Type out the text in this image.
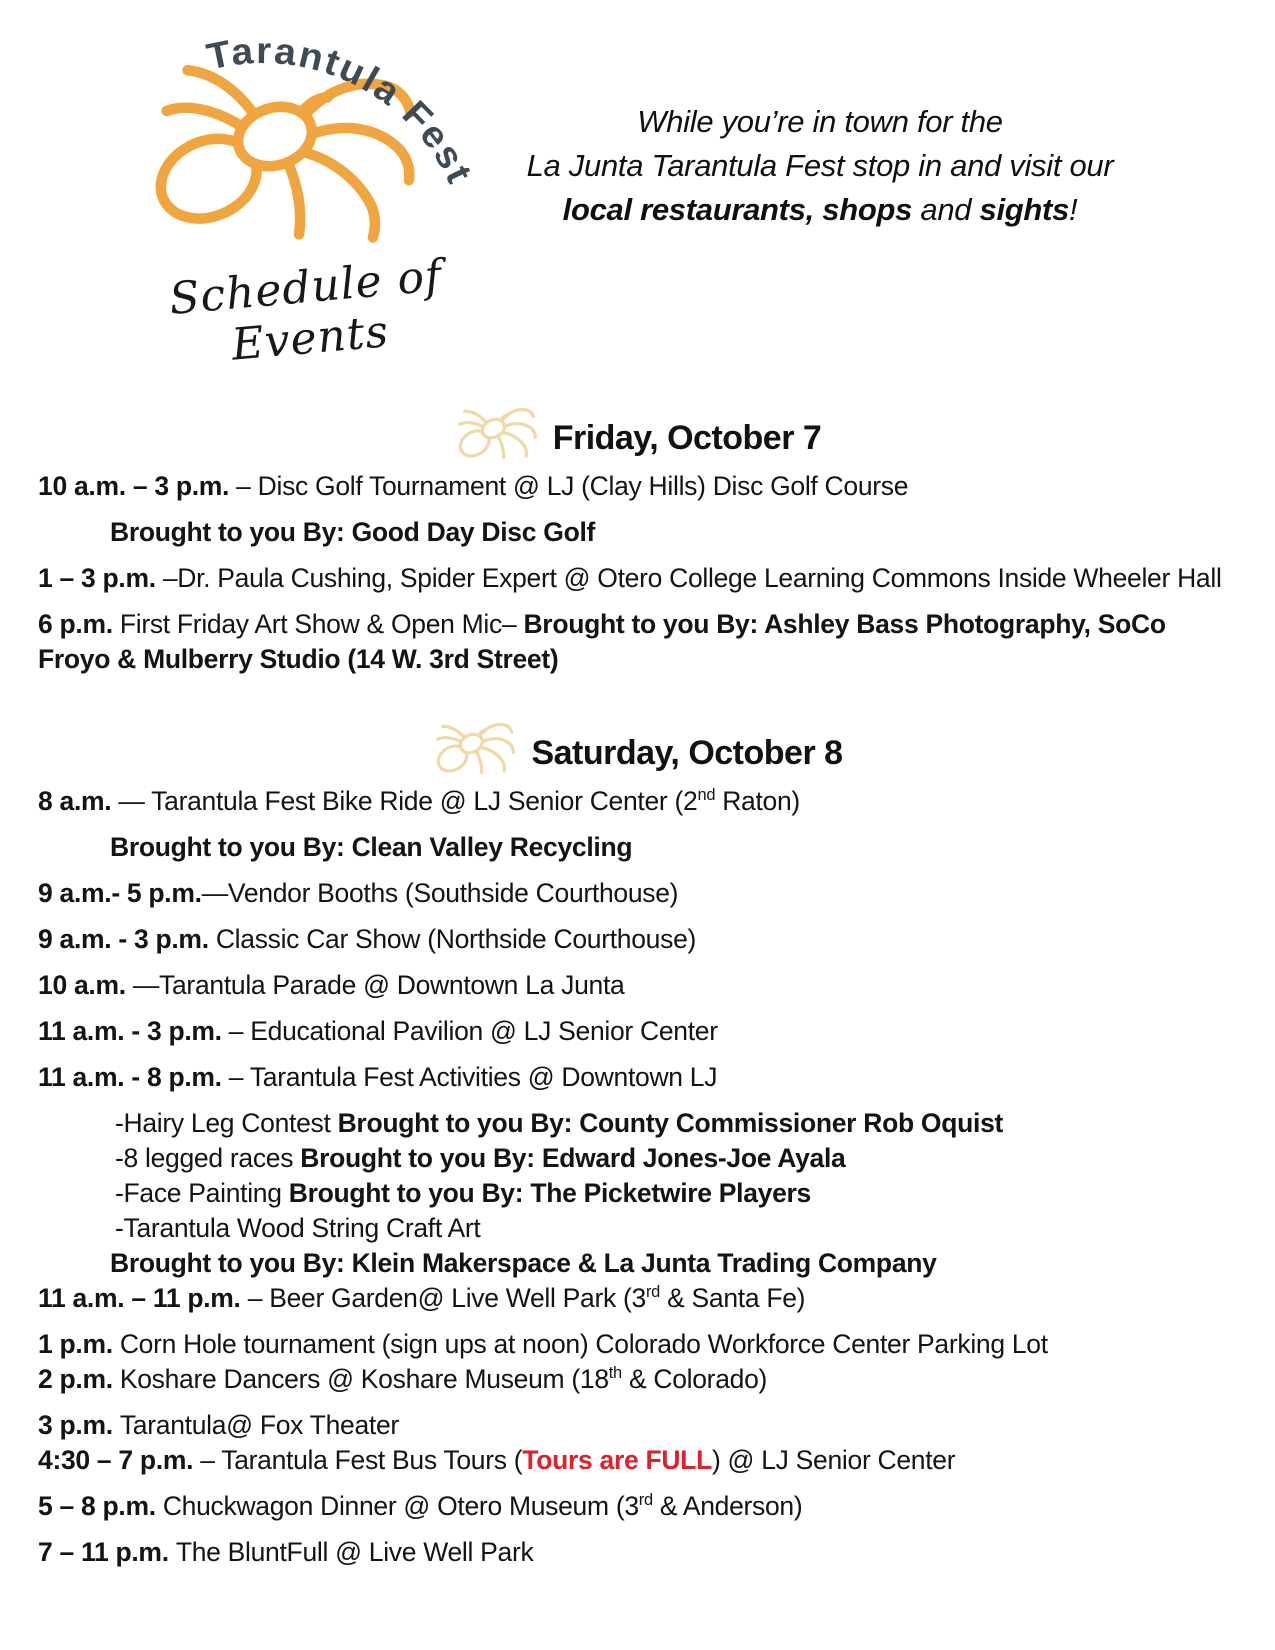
Tarantula Fest
Schedule of Events
While you’re in town for the
La Junta Tarantula Fest stop in and visit our
local restaurants, shops and sights!
Friday, October 7
10 a.m. – 3 p.m. – Disc Golf Tournament @ LJ (Clay Hills) Disc Golf Course
Brought to you By: Good Day Disc Golf
1 – 3 p.m. –Dr. Paula Cushing, Spider Expert @ Otero College Learning Commons Inside Wheeler Hall
6 p.m. First Friday Art Show & Open Mic– Brought to you By: Ashley Bass Photography, SoCo Froyo & Mulberry Studio (14 W. 3rd Street)
Saturday, October 8
8 a.m. — Tarantula Fest Bike Ride @ LJ Senior Center (2nd Raton)
Brought to you By: Clean Valley Recycling
9 a.m.- 5 p.m.—Vendor Booths (Southside Courthouse)
9 a.m. - 3 p.m. Classic Car Show (Northside Courthouse)
10 a.m. —Tarantula Parade @ Downtown La Junta
11 a.m. - 3 p.m. – Educational Pavilion @ LJ Senior Center
11 a.m. - 8 p.m. – Tarantula Fest Activities @ Downtown LJ
-Hairy Leg Contest Brought to you By: County Commissioner Rob Oquist
-8 legged races Brought to you By: Edward Jones-Joe Ayala
-Face Painting Brought to you By: The Picketwire Players
-Tarantula Wood String Craft Art
Brought to you By: Klein Makerspace & La Junta Trading Company
11 a.m. – 11 p.m. – Beer Garden@ Live Well Park (3rd & Santa Fe)
1 p.m. Corn Hole tournament (sign ups at noon) Colorado Workforce Center Parking Lot
2 p.m. Koshare Dancers @ Koshare Museum (18th & Colorado)
3 p.m. Tarantula@ Fox Theater
4:30 – 7 p.m. – Tarantula Fest Bus Tours (Tours are FULL) @ LJ Senior Center
5 – 8 p.m. Chuckwagon Dinner @ Otero Museum (3rd & Anderson)
7 – 11 p.m. The BluntFull @ Live Well Park
